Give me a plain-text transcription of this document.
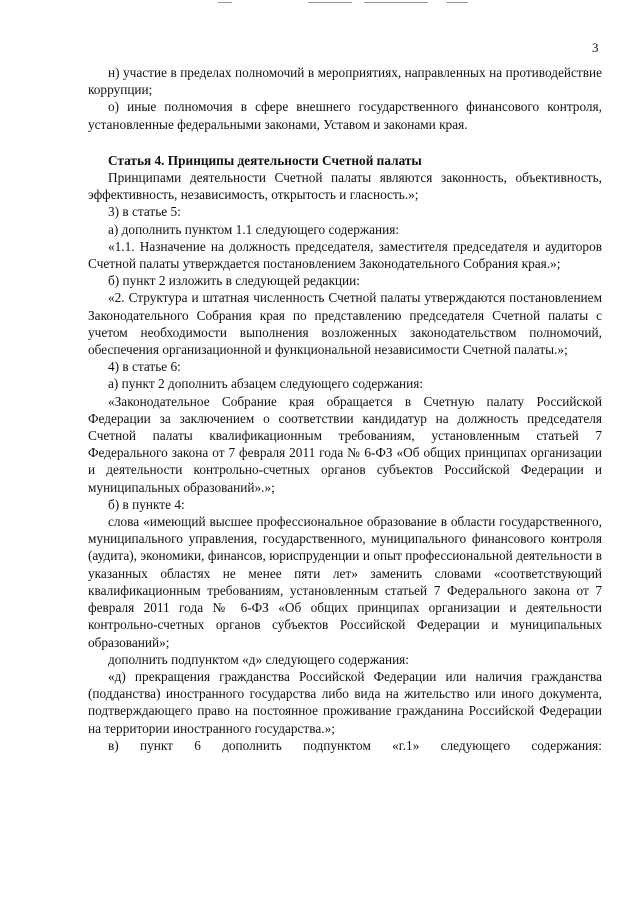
3

н) участие в пределах полномочий в мероприятиях, направленных на противодействие коррупции;

о) иные полномочия в сфере внешнего государственного финансового контроля, установленные федеральными законами, Уставом и законами края.

Статья 4. Принципы деятельности Счетной палаты

Принципами деятельности Счетной палаты являются законность, объективность, эффективность, независимость, открытость и гласность.»;

3) в статье 5:

а) дополнить пунктом 1.1 следующего содержания:

«1.1. Назначение на должность председателя, заместителя председателя и аудиторов Счетной палаты утверждается постановлением Законодательного Собрания края.»;

б) пункт 2 изложить в следующей редакции:

«2. Структура и штатная численность Счетной палаты утверждаются постановлением Законодательного Собрания края по представлению председателя Счетной палаты с учетом необходимости выполнения возложенных законодательством полномочий, обеспечения организационной и функциональной независимости Счетной палаты.»;

4) в статье 6:

а) пункт 2 дополнить абзацем следующего содержания:

«Законодательное Собрание края обращается в Счетную палату Российской Федерации за заключением о соответствии кандидатур на должность председателя Счетной палаты квалификационным требованиям, установленным статьей 7 Федерального закона от 7 февраля 2011 года № 6-ФЗ «Об общих принципах организации и деятельности контрольно-счетных органов субъектов Российской Федерации и муниципальных образований».»;

б) в пункте 4:

слова «имеющий высшее профессиональное образование в области государственного, муниципального управления, государственного, муниципального финансового контроля (аудита), экономики, финансов, юриспруденции и опыт профессиональной деятельности в указанных областях не менее пяти лет» заменить словами «соответствующий квалификационным требованиям, установленным статьей 7 Федерального закона от 7 февраля 2011 года № 6-ФЗ «Об общих принципах организации и деятельности контрольно-счетных органов субъектов Российской Федерации и муниципальных образований»;

дополнить подпунктом «д» следующего содержания:

«д) прекращения гражданства Российской Федерации или наличия гражданства (подданства) иностранного государства либо вида на жительство или иного документа, подтверждающего право на постоянное проживание гражданина Российской Федерации на территории иностранного государства.»;

в) пункт 6 дополнить подпунктом «г.1» следующего содержания:
